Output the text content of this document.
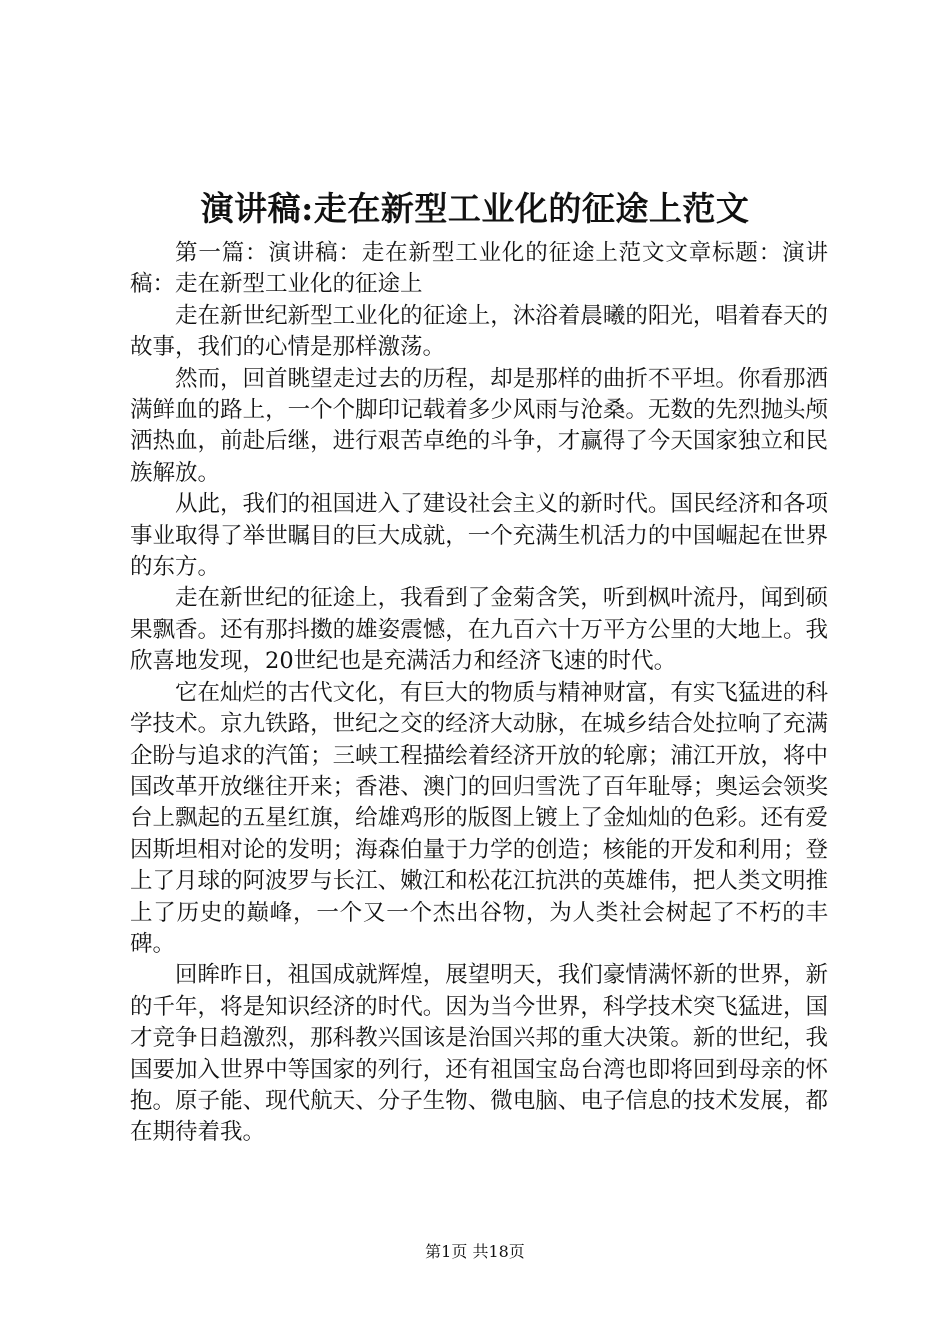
演讲稿:走在新型工业化的征途上范文

第一篇：演讲稿：走在新型工业化的征途上范文文章标题：演讲稿：走在新型工业化的征途上

走在新世纪新型工业化的征途上，沐浴着晨曦的阳光，唱着春天的故事，我们的心情是那样激荡。

然而，回首眺望走过去的历程，却是那样的曲折不平坦。你看那洒满鲜血的路上，一个个脚印记载着多少风雨与沧桑。无数的先烈抛头颅洒热血，前赴后继，进行艰苦卓绝的斗争，才赢得了今天国家独立和民族解放。

从此，我们的祖国进入了建设社会主义的新时代。国民经济和各项事业取得了举世瞩目的巨大成就，一个充满生机活力的中国崛起在世界的东方。

走在新世纪的征途上，我看到了金菊含笑，听到枫叶流丹，闻到硕果飘香。还有那抖擞的雄姿震憾，在九百六十万平方公里的大地上。我欣喜地发现，20世纪也是充满活力和经济飞速的时代。

它在灿烂的古代文化，有巨大的物质与精神财富，有实飞猛进的科学技术。京九铁路，世纪之交的经济大动脉，在城乡结合处拉响了充满企盼与追求的汽笛；三峡工程描绘着经济开放的轮廓；浦江开放，将中国改革开放继往开来；香港、澳门的回归雪洗了百年耻辱；奥运会领奖台上飘起的五星红旗，给雄鸡形的版图上镀上了金灿灿的色彩。还有爱因斯坦相对论的发明；海森伯量于力学的创造；核能的开发和利用；登上了月球的阿波罗与长江、嫩江和松花江抗洪的英雄伟，把人类文明推上了历史的巅峰，一个又一个杰出谷物，为人类社会树起了不朽的丰碑。

回眸昨日，祖国成就辉煌，展望明天，我们豪情满怀新的世界，新的千年，将是知识经济的时代。因为当今世界，科学技术突飞猛进，国才竞争日趋激烈，那科教兴国该是治国兴邦的重大决策。新的世纪，我国要加入世界中等国家的列行，还有祖国宝岛台湾也即将回到母亲的怀抱。原子能、现代航天、分子生物、微电脑、电子信息的技术发展，都在期待着我。

第1页 共18页
